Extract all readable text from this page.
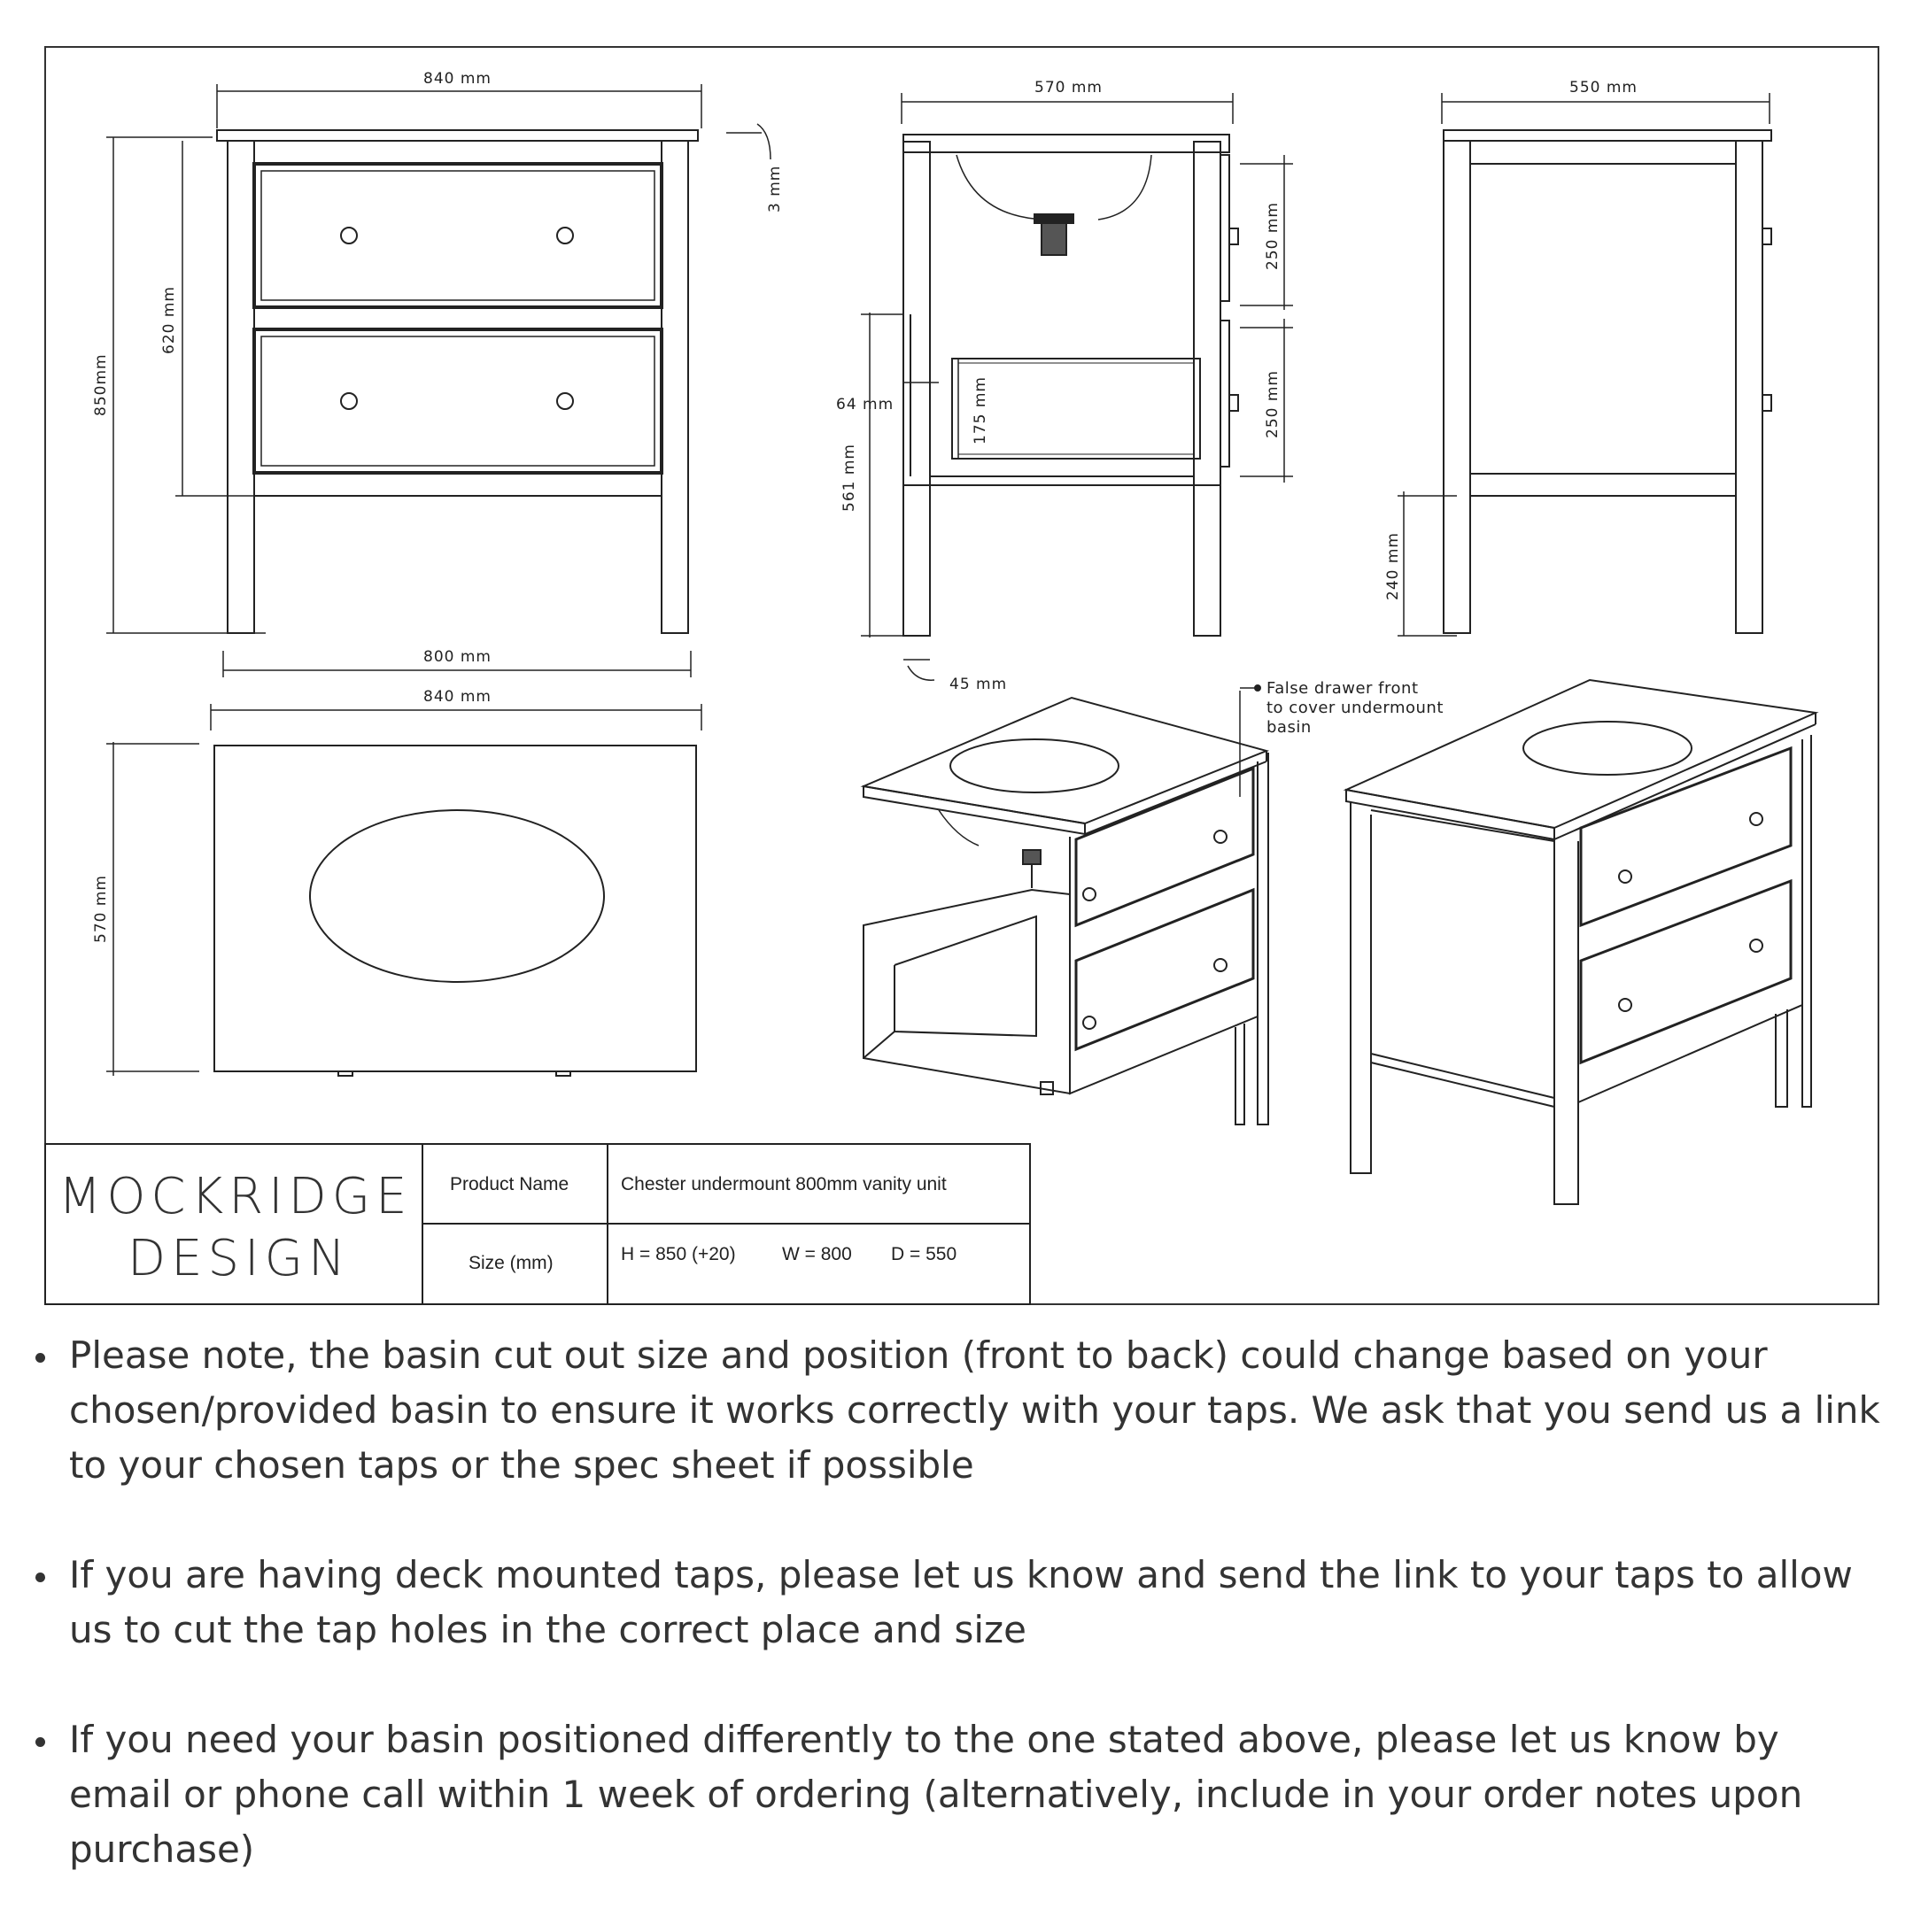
840 mm
850mm
620 mm
3 mm
800 mm
570 mm
250 mm
250 mm
64 mm	175 mm
561 mm
45 mm
550 mm
240 mm
840 mm
570 mm
False drawer front
to cover undermount
basin
MOCKRIDGE
DESIGN
Product Name	Chester undermount 800mm vanity unit
Size (mm)	H = 850 (+20) W = 800 D = 550
Please note, the basin cut out size and position (front to back) could change based on your chosen/provided basin to ensure it works correctly with your taps. We ask that you send us a link to your chosen taps or the spec sheet if possible
If you are having deck mounted taps, please let us know and send the link to your taps to allow us to cut the tap holes in the correct place and size
If you need your basin positioned differently to the one stated above, please let us know by email or phone call within 1 week of ordering (alternatively, include in your order notes upon purchase)
